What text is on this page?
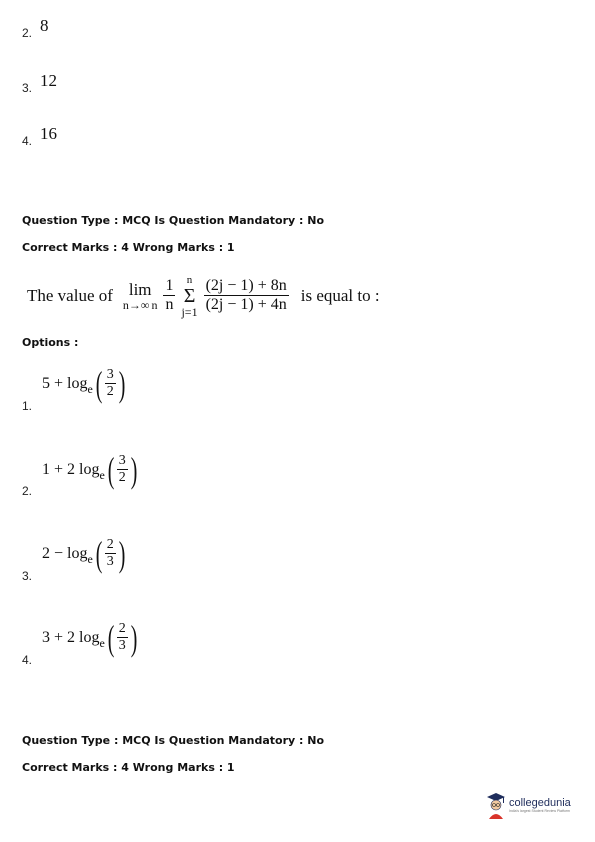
2. 8
3. 12
4. 16
Question Type : MCQ Is Question Mandatory : No
Correct Marks : 4 Wrong Marks : 1
The value of lim
n→∞ n $\frac{1}{n}$ n
Σ
$j=1 \frac{(2j - 1) + 8n}{(2j - 1) + 4n}$ is equal to :
Options :
5 + log e ( $\frac{3}{2}$ )
1.
1 + 2 log e ( $\frac{3}{2}$ )
2.
2 − log e ( $\frac{2}{3}$ )
3.
3 + 2 log e ( $\frac{2}{3}$ )
4.
Question Type : MCQ Is Question Mandatory : No
Correct Marks : 4 Wrong Marks : 1
collegedunia
India's largest Student Review Platform
